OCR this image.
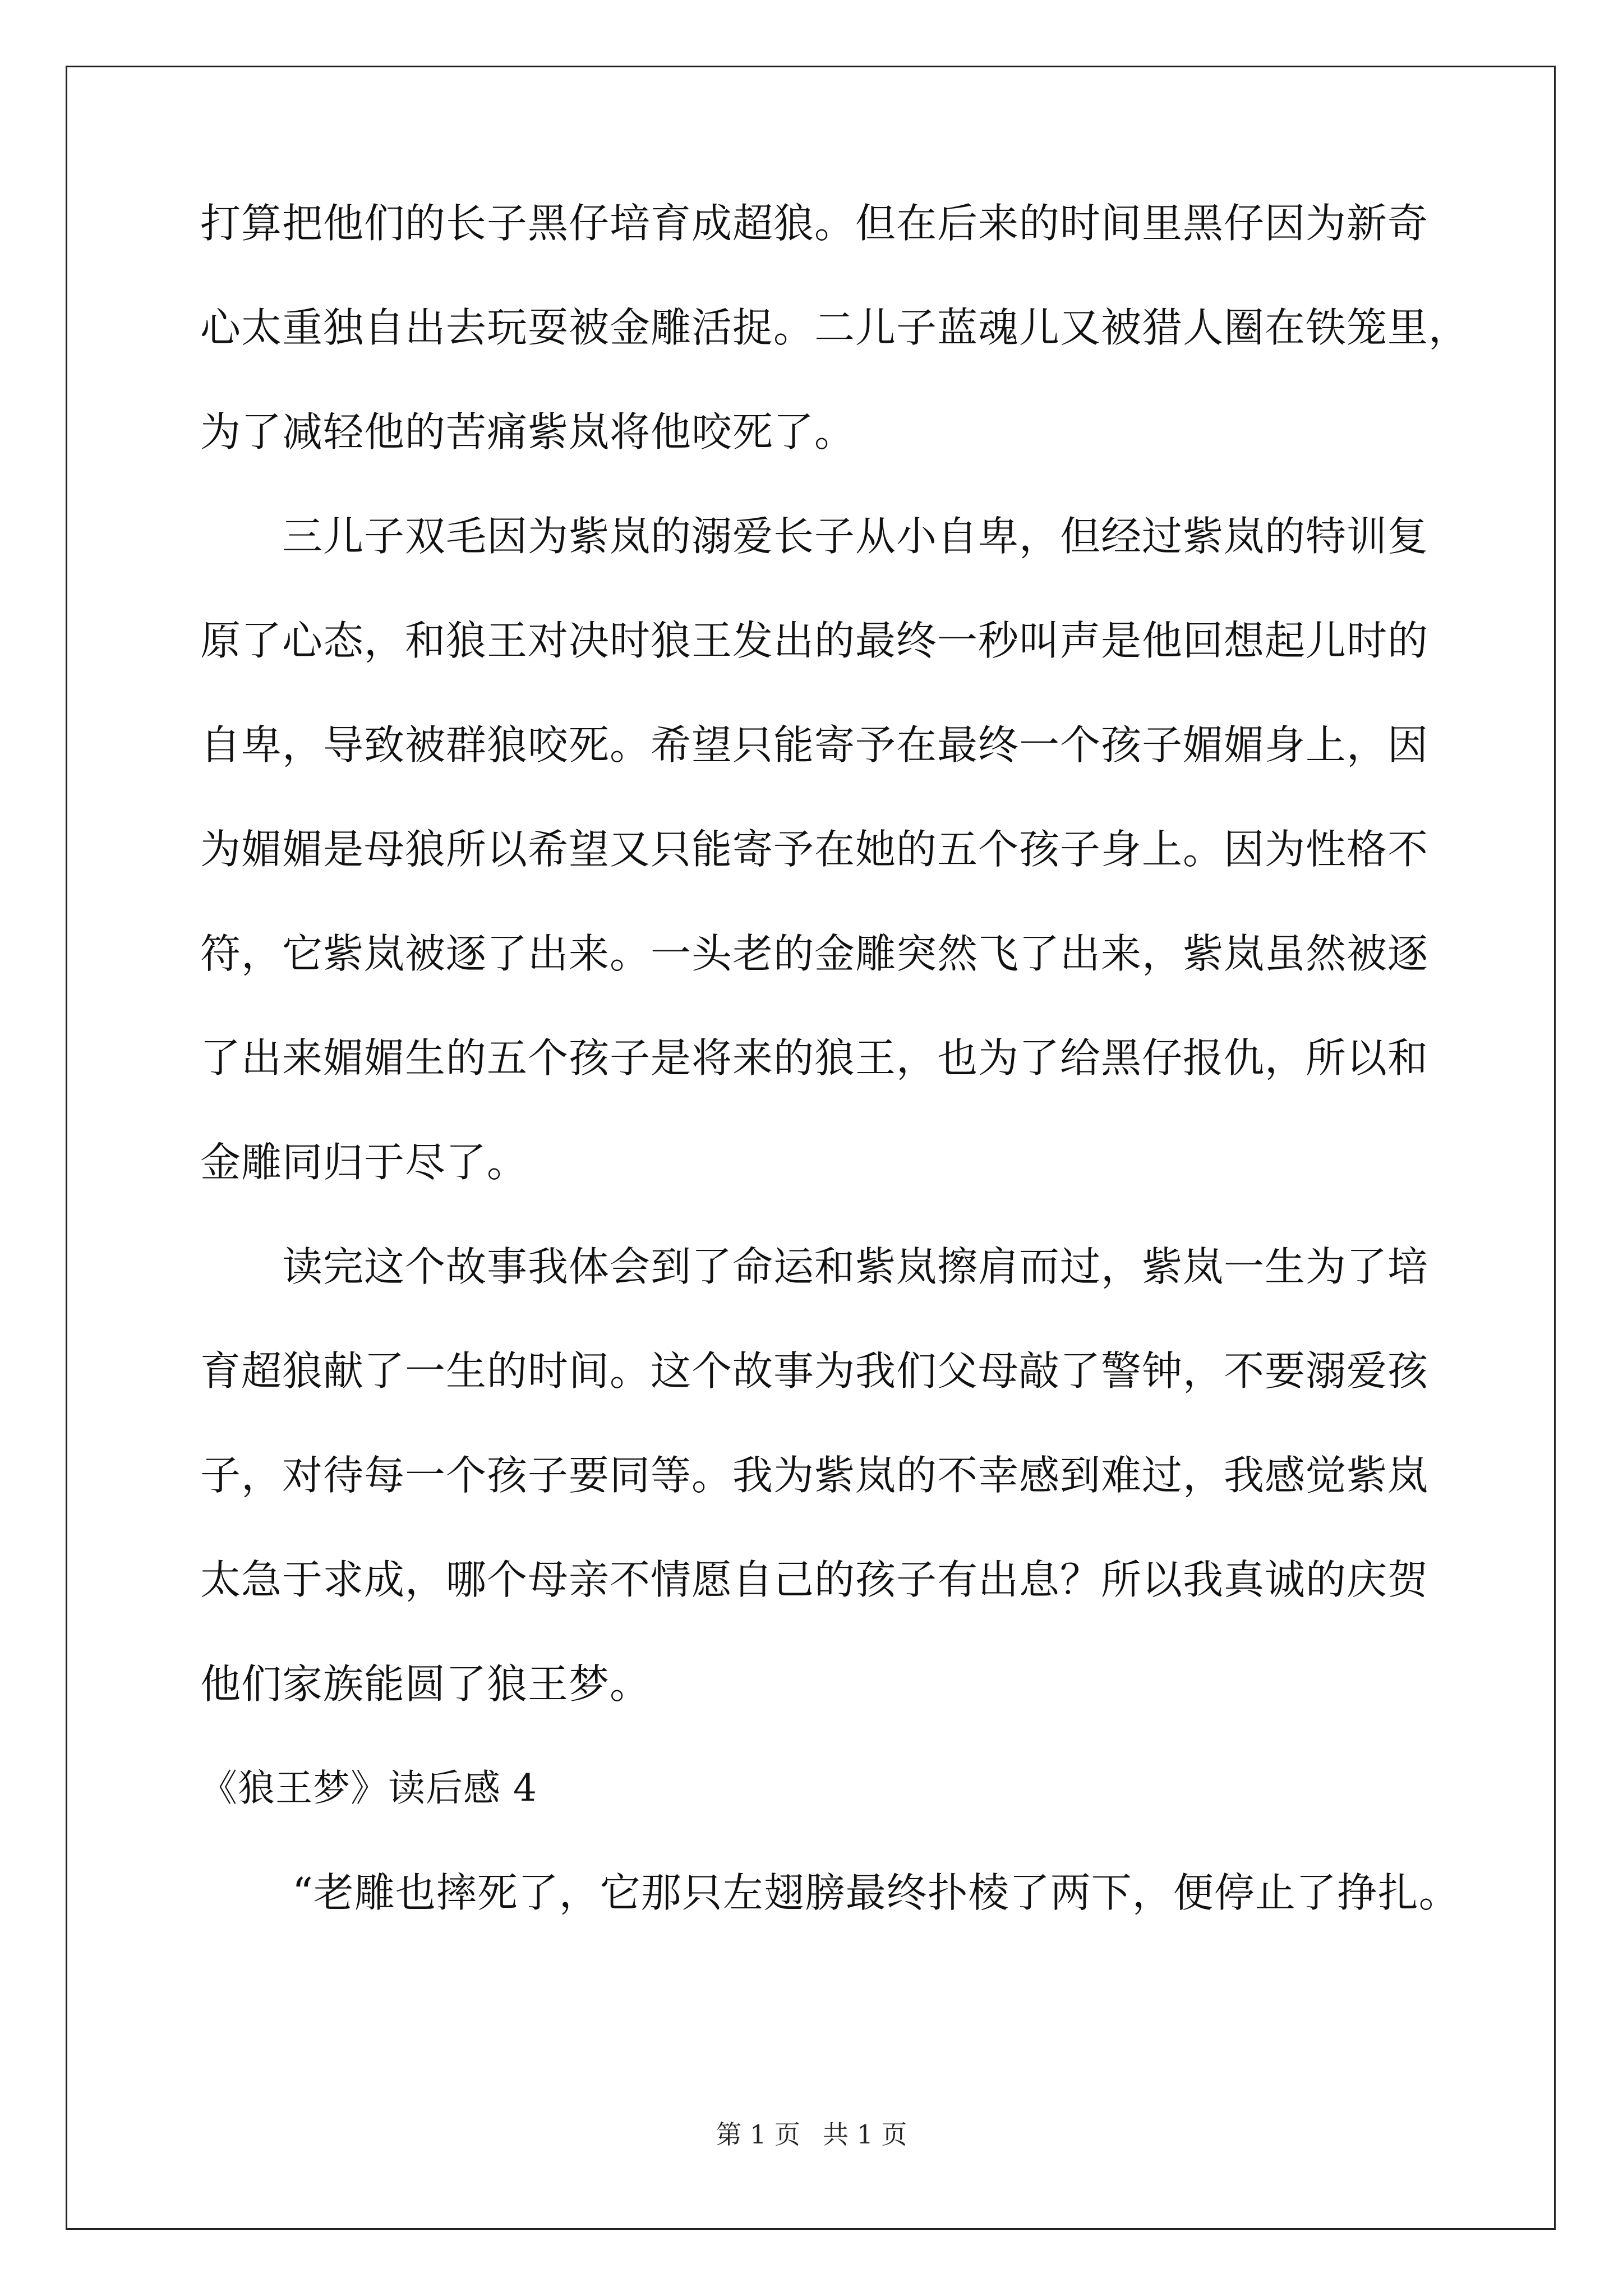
打算把他们的长子黑仔培育成超狼。但在后来的时间里黑仔因为新奇
心太重独自出去玩耍被金雕活捉。二儿子蓝魂儿又被猎人圈在铁笼里，
为了减轻他的苦痛紫岚将他咬死了。
三儿子双毛因为紫岚的溺爱长子从小自卑，但经过紫岚的特训复
原了心态，和狼王对决时狼王发出的最终一秒叫声是他回想起儿时的
自卑，导致被群狼咬死。希望只能寄予在最终一个孩子媚媚身上，因
为媚媚是母狼所以希望又只能寄予在她的五个孩子身上。因为性格不
符，它紫岚被逐了出来。一头老的金雕突然飞了出来，紫岚虽然被逐
了出来媚媚生的五个孩子是将来的狼王，也为了给黑仔报仇，所以和
金雕同归于尽了。
读完这个故事我体会到了命运和紫岚擦肩而过，紫岚一生为了培
育超狼献了一生的时间。这个故事为我们父母敲了警钟，不要溺爱孩
子，对待每一个孩子要同等。我为紫岚的不幸感到难过，我感觉紫岚
太急于求成，哪个母亲不情愿自己的孩子有出息？所以我真诚的庆贺
他们家族能圆了狼王梦。
《狼王梦》读后感 4
“老雕也摔死了，它那只左翅膀最终扑棱了两下，便停止了挣扎。
第 1 页 共 1 页
